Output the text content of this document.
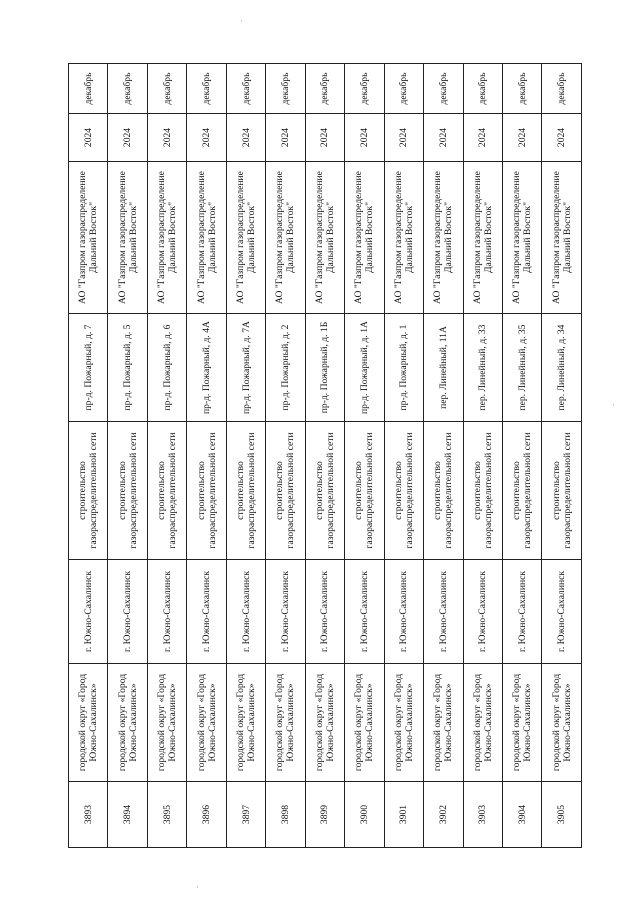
·
·
·
3893	городской округ «Город Южно-Сахалинск»	г. Южно-Сахалинск	строительство газораспределительной сети	пр-д. Пожарный, д. 7	АО "Газпром газораспределение Дальний Восток"	2024	декабрь
3894	городской округ «Город Южно-Сахалинск»	г. Южно-Сахалинск	строительство газораспределительной сети	пр-д. Пожарный, д. 5	АО "Газпром газораспределение Дальний Восток"	2024	декабрь
3895	городской округ «Город Южно-Сахалинск»	г. Южно-Сахалинск	строительство газораспределительной сети	пр-д. Пожарный, д. 6	АО "Газпром газораспределение Дальний Восток"	2024	декабрь
3896	городской округ «Город Южно-Сахалинск»	г. Южно-Сахалинск	строительство газораспределительной сети	пр-д. Пожарный, д. 4А	АО "Газпром газораспределение Дальний Восток"	2024	декабрь
3897	городской округ «Город Южно-Сахалинск»	г. Южно-Сахалинск	строительство газораспределительной сети	пр-д. Пожарный, д. 7А	АО "Газпром газораспределение Дальний Восток"	2024	декабрь
3898	городской округ «Город Южно-Сахалинск»	г. Южно-Сахалинск	строительство газораспределительной сети	пр-д. Пожарный, д. 2	АО "Газпром газораспределение Дальний Восток"	2024	декабрь
3899	городской округ «Город Южно-Сахалинск»	г. Южно-Сахалинск	строительство газораспределительной сети	пр-д. Пожарный, д. 1Б	АО "Газпром газораспределение Дальний Восток"	2024	декабрь
3900	городской округ «Город Южно-Сахалинск»	г. Южно-Сахалинск	строительство газораспределительной сети	пр-д. Пожарный, д. 1А	АО "Газпром газораспределение Дальний Восток"	2024	декабрь
3901	городской округ «Город Южно-Сахалинск»	г. Южно-Сахалинск	строительство газораспределительной сети	пр-д. Пожарный, д. 1	АО "Газпром газораспределение Дальний Восток"	2024	декабрь
3902	городской округ «Город Южно-Сахалинск»	г. Южно-Сахалинск	строительство газораспределительной сети	пер. Линейный, 11А	АО "Газпром газораспределение Дальний Восток"	2024	декабрь
3903	городской округ «Город Южно-Сахалинск»	г. Южно-Сахалинск	строительство газораспределительной сети	пер. Линейный, д. 33	АО "Газпром газораспределение Дальний Восток"	2024	декабрь
3904	городской округ «Город Южно-Сахалинск»	г. Южно-Сахалинск	строительство газораспределительной сети	пер. Линейный, д. 35	АО "Газпром газораспределение Дальний Восток"	2024	декабрь
3905	городской округ «Город Южно-Сахалинск»	г. Южно-Сахалинск	строительство газораспределительной сети	пер. Линейный, д. 34	АО "Газпром газораспределение Дальний Восток"	2024	декабрь
